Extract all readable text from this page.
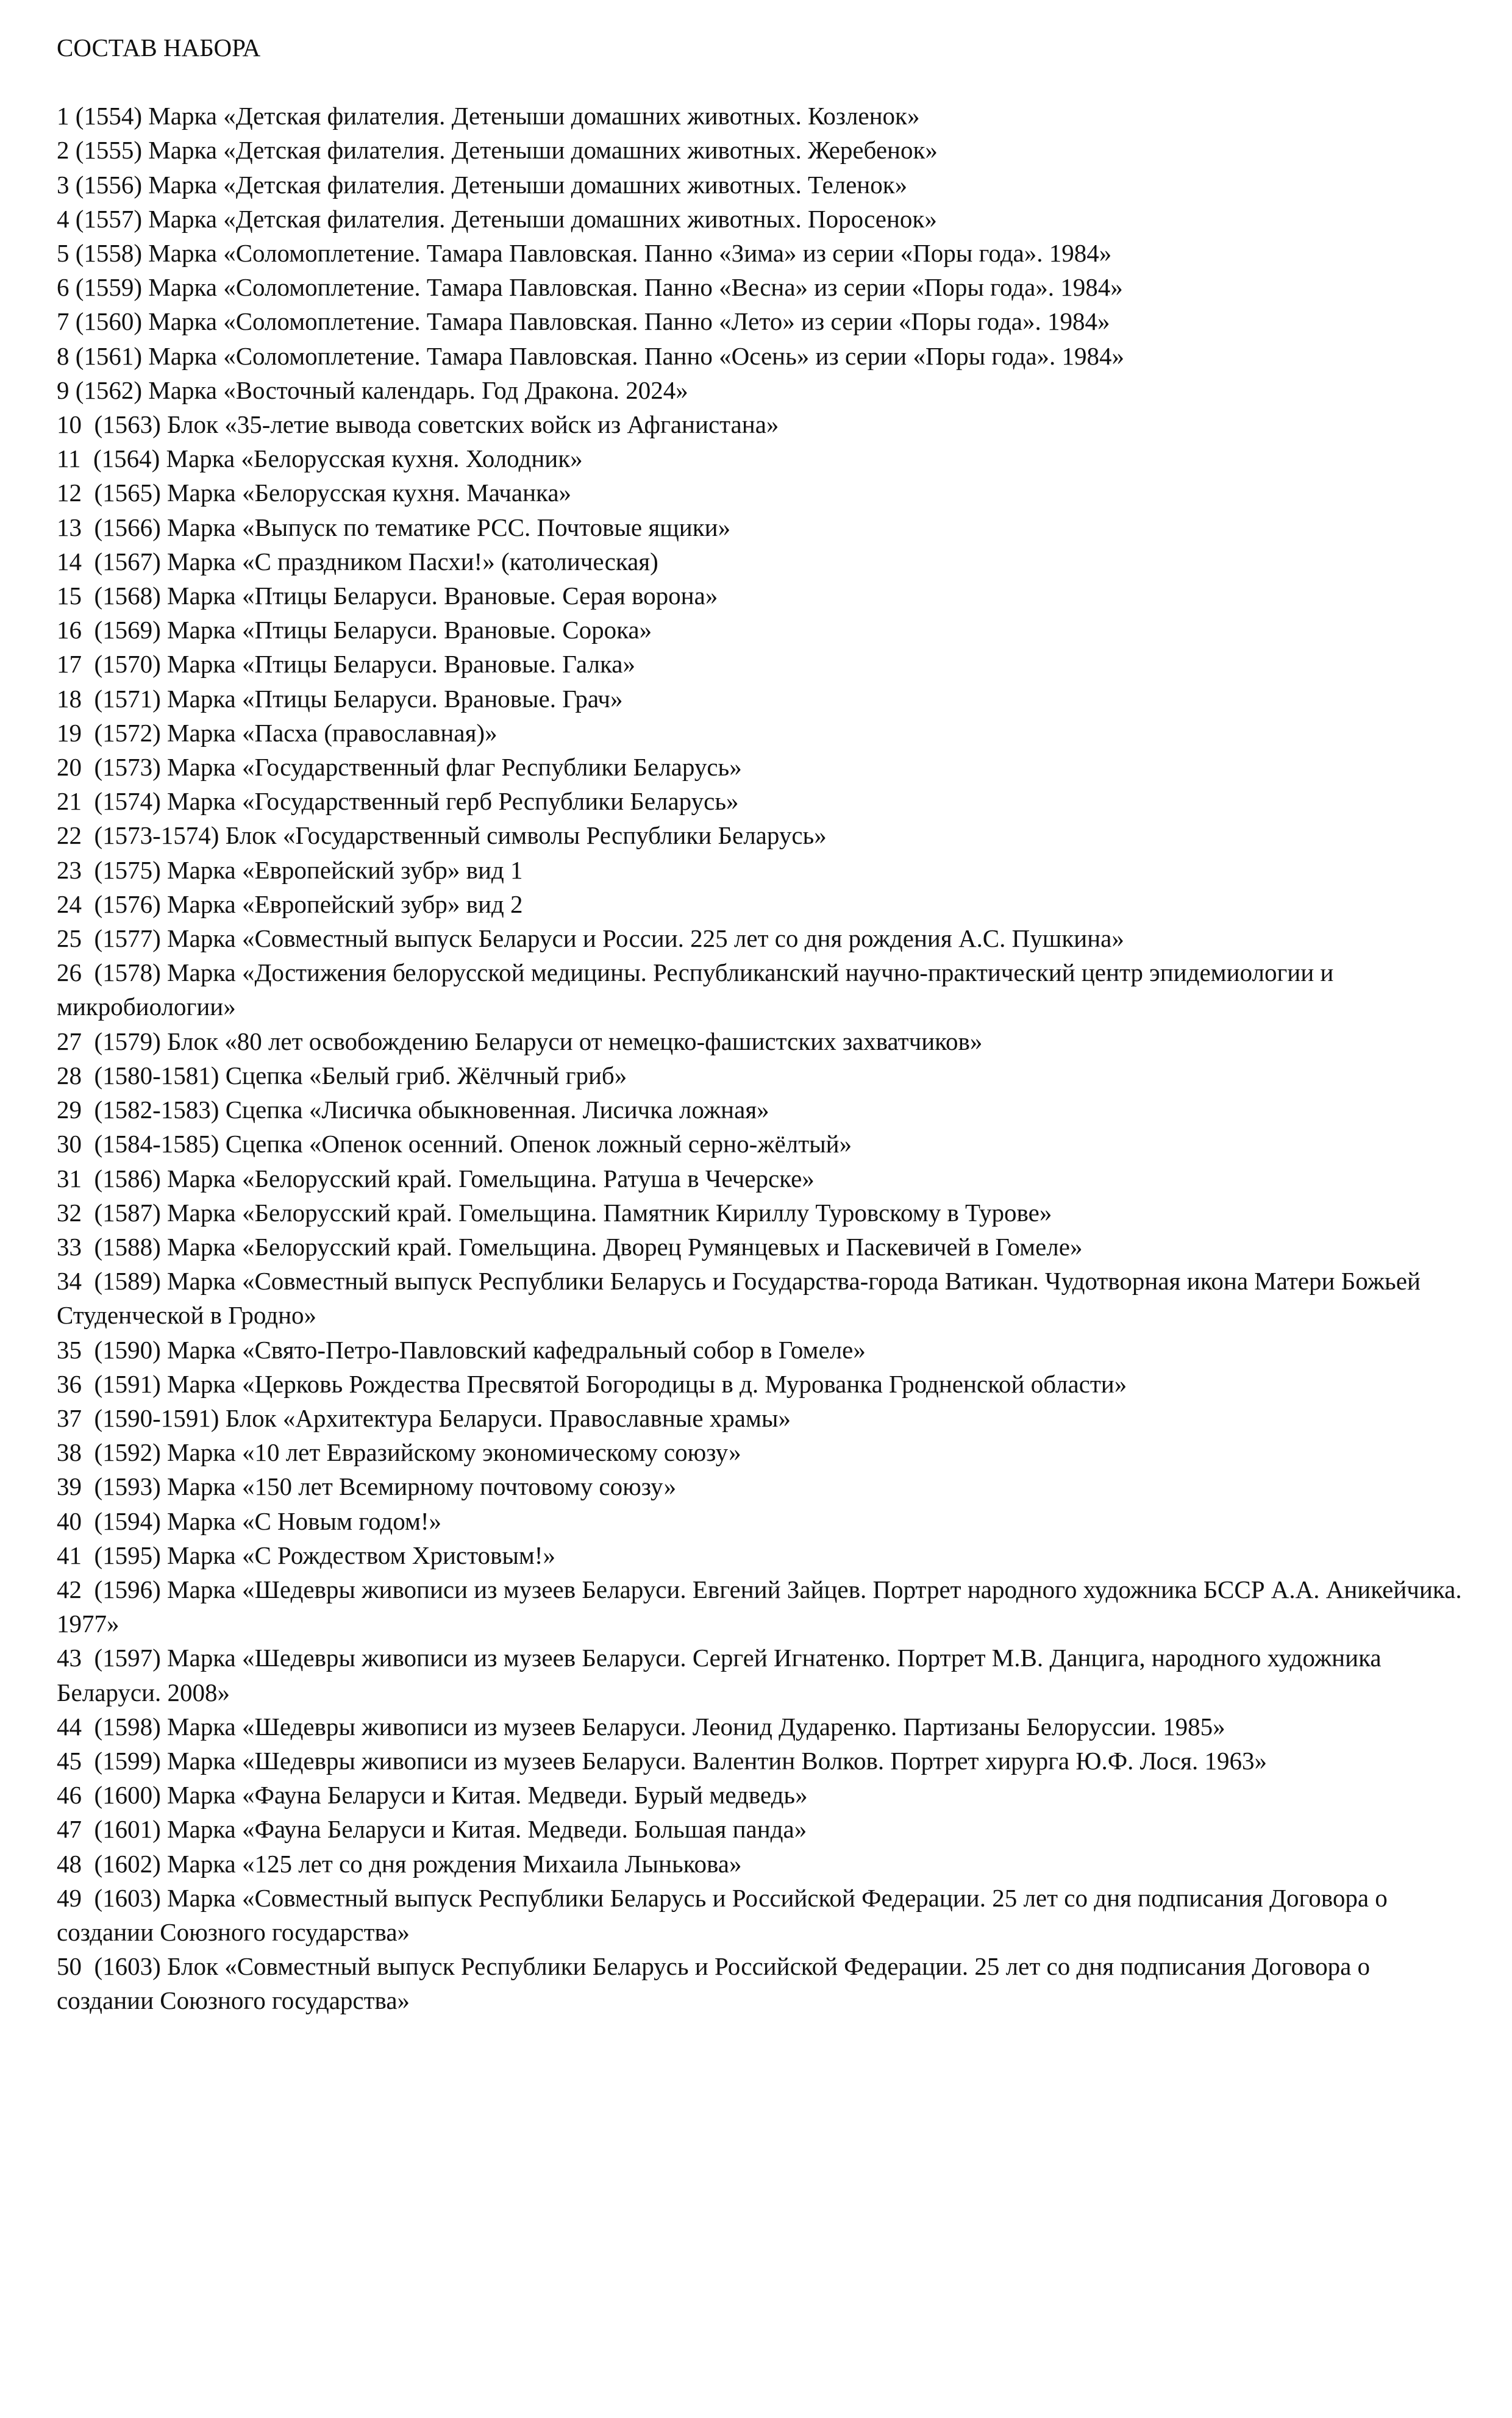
СОСТАВ НАБОРА
1 (1554) Марка «Детская филателия. Детеныши домашних животных. Козленок»
2 (1555) Марка «Детская филателия. Детеныши домашних животных. Жеребенок»
3 (1556) Марка «Детская филателия. Детеныши домашних животных. Теленок»
4 (1557) Марка «Детская филателия. Детеныши домашних животных. Поросенок»
5 (1558) Марка «Соломоплетение. Тамара Павловская. Панно «Зима» из серии «Поры года». 1984»
6 (1559) Марка «Соломоплетение. Тамара Павловская. Панно «Весна» из серии «Поры года». 1984»
7 (1560) Марка «Соломоплетение. Тамара Павловская. Панно «Лето» из серии «Поры года». 1984»
8 (1561) Марка «Соломоплетение. Тамара Павловская. Панно «Осень» из серии «Поры года». 1984»
9 (1562) Марка «Восточный календарь. Год Дракона. 2024»
10  (1563) Блок «35-летие вывода советских войск из Афганистана»
11  (1564) Марка «Белорусская кухня. Холодник»
12  (1565) Марка «Белорусская кухня. Мачанка»
13  (1566) Марка «Выпуск по тематике РСС. Почтовые ящики»
14  (1567) Марка «С праздником Пасхи!» (католическая)
15  (1568) Марка «Птицы Беларуси. Врановые. Серая ворона»
16  (1569) Марка «Птицы Беларуси. Врановые. Сорока»
17  (1570) Марка «Птицы Беларуси. Врановые. Галка»
18  (1571) Марка «Птицы Беларуси. Врановые. Грач»
19  (1572) Марка «Пасха (православная)»
20  (1573) Марка «Государственный флаг Республики Беларусь»
21  (1574) Марка «Государственный герб Республики Беларусь»
22  (1573-1574) Блок «Государственный символы Республики Беларусь»
23  (1575) Марка «Европейский зубр» вид 1
24  (1576) Марка «Европейский зубр» вид 2
25  (1577) Марка «Совместный выпуск Беларуси и России. 225 лет со дня рождения А.С. Пушкина»
26  (1578) Марка «Достижения белорусской медицины. Республиканский научно-практический центр эпидемиологии и микробиологии»
27  (1579) Блок «80 лет освобождению Беларуси от немецко-фашистских захватчиков»
28  (1580-1581) Сцепка «Белый гриб. Жёлчный гриб»
29  (1582-1583) Сцепка «Лисичка обыкновенная. Лисичка ложная»
30  (1584-1585) Сцепка «Опенок осенний. Опенок ложный серно-жёлтый»
31  (1586) Марка «Белорусский край. Гомельщина. Ратуша в Чечерске»
32  (1587) Марка «Белорусский край. Гомельщина. Памятник Кириллу Туровскому в Турове»
33  (1588) Марка «Белорусский край. Гомельщина. Дворец Румянцевых и Паскевичей в Гомеле»
34  (1589) Марка «Совместный выпуск Республики Беларусь и Государства-города Ватикан. Чудотворная икона Матери Божьей Студенческой в Гродно»
35  (1590) Марка «Свято-Петро-Павловский кафедральный собор в Гомеле»
36  (1591) Марка «Церковь Рождества Пресвятой Богородицы в д. Мурованка Гродненской области»
37  (1590-1591) Блок «Архитектура Беларуси. Православные храмы»
38  (1592) Марка «10 лет Евразийскому экономическому союзу»
39  (1593) Марка «150 лет Всемирному почтовому союзу»
40  (1594) Марка «С Новым годом!»
41  (1595) Марка «С Рождеством Христовым!»
42  (1596) Марка «Шедевры живописи из музеев Беларуси. Евгений Зайцев. Портрет народного художника БССР А.А. Аникейчика. 1977»
43  (1597) Марка «Шедевры живописи из музеев Беларуси. Сергей Игнатенко. Портрет М.В. Данцига, народного художника Беларуси. 2008»
44  (1598) Марка «Шедевры живописи из музеев Беларуси. Леонид Дударенко. Партизаны Белоруссии. 1985»
45  (1599) Марка «Шедевры живописи из музеев Беларуси. Валентин Волков. Портрет хирурга Ю.Ф. Лося. 1963»
46  (1600) Марка «Фауна Беларуси и Китая. Медведи. Бурый медведь»
47  (1601) Марка «Фауна Беларуси и Китая. Медведи. Большая панда»
48  (1602) Марка «125 лет со дня рождения Михаила Лынькова»
49  (1603) Марка «Совместный выпуск Республики Беларусь и Российской Федерации. 25 лет со дня подписания Договора о создании Союзного государства»
50  (1603) Блок «Совместный выпуск Республики Беларусь и Российской Федерации. 25 лет со дня подписания Договора о создании Союзного государства»
